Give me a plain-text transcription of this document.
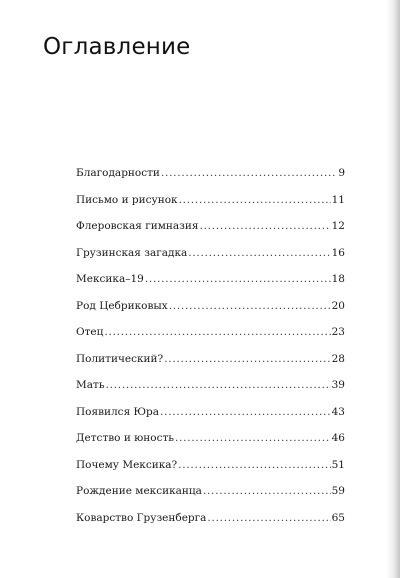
Оглавление
Благодарности . . .	9
Письмо и рисунок . . .	11
Флеровская гимназия . . .	12
Грузинская загадка . . .	16
Мексика–19 . . .	18
Род Цебриковых . . .	20
Отец . . .	23
Политический? . . .	28
Мать . . .	39
Появился Юра . . .	43
Детство и юность . . .	46
Почему Мексика? . . .	51
Рождение мексиканца . . .	59
Коварство Грузенберга . . .	65
